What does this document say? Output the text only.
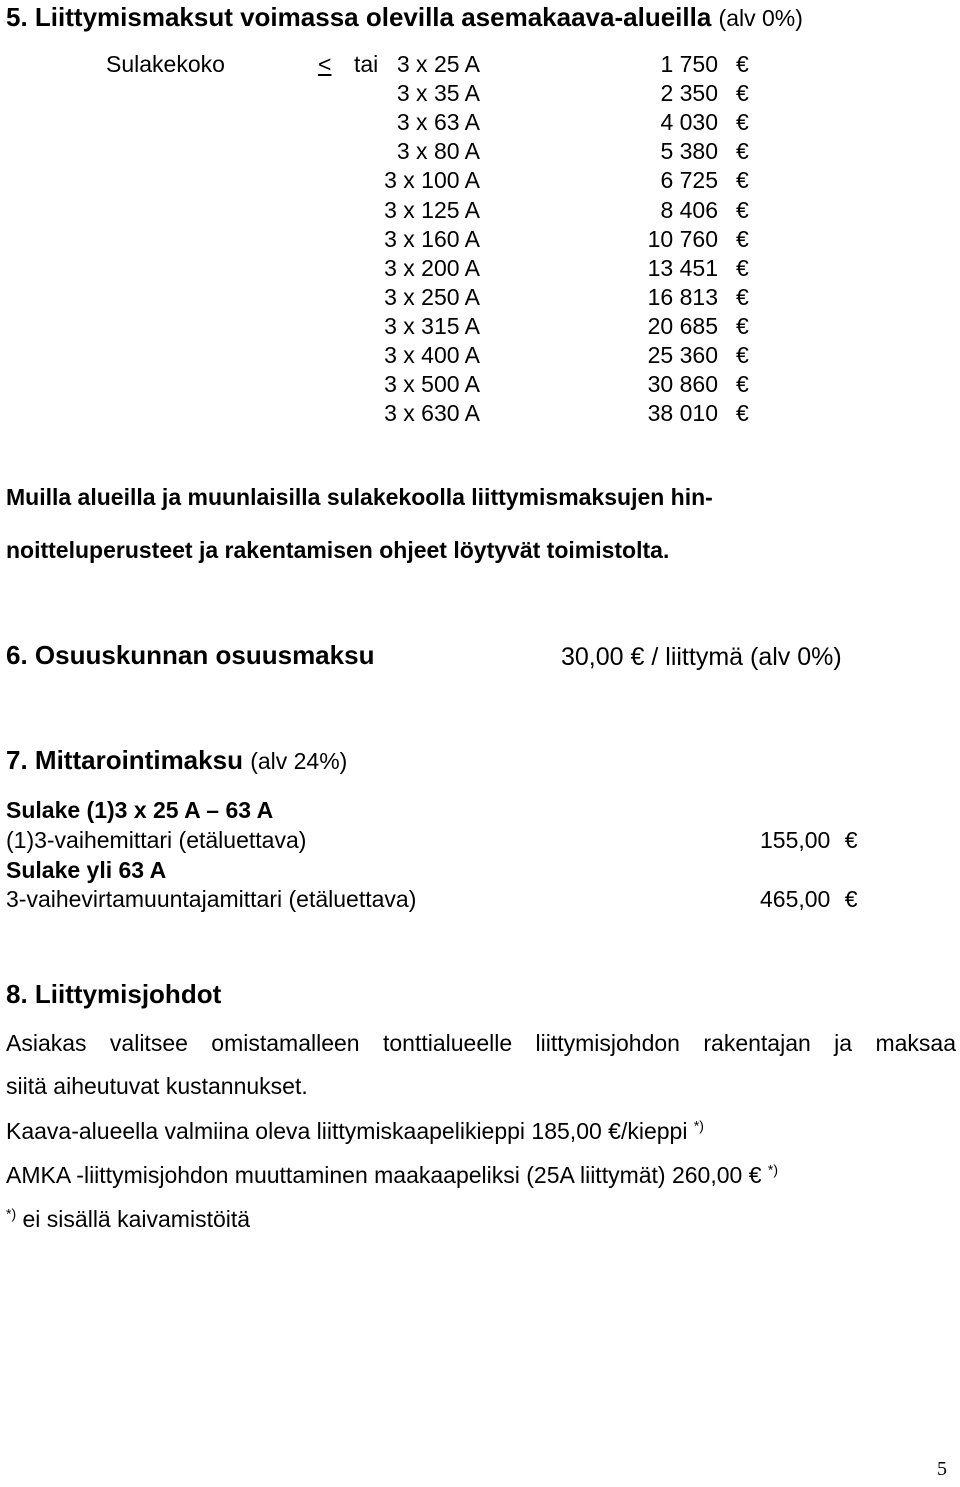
5. Liittymismaksut voimassa olevilla asemakaava-alueilla (alv 0%)
Sulakekoko	< tai 3 x 25 A	1 750 €
3 x 35 A	2 350 €
3 x 63 A	4 030 €
3 x 80 A	5 380 €
3 x 100 A	6 725 €
3 x 125 A	8 406 €
3 x 160 A	10 760 €
3 x 200 A	13 451 €
3 x 250 A	16 813 €
3 x 315 A	20 685 €
3 x 400 A	25 360 €
3 x 500 A	30 860 €
3 x 630 A	38 010 €
Muilla alueilla ja muunlaisilla sulakekoolla liittymismaksujen hin-
noitteluperusteet ja rakentamisen ohjeet löytyvät toimistolta.
6. Osuuskunnan osuusmaksu	30,00 € / liittymä (alv 0%)
7. Mittarointimaksu (alv 24%)
Sulake (1)3 x 25 A – 63 A
(1)3-vaihemittari (etäluettava)	155,00 €
Sulake yli 63 A
3-vaihevirtamuuntajamittari (etäluettava)	465,00 €
8. Liittymisjohdot
Asiakas valitsee omistamalleen tonttialueelle liittymisjohdon rakentajan ja maksaa
siitä aiheutuvat kustannukset.
Kaava-alueella valmiina oleva liittymiskaapelikieppi 185,00 €/kieppi *)
AMKA -liittymisjohdon muuttaminen maakaapeliksi (25A liittymät) 260,00 € *)
*) ei sisällä kaivamistöitä
5
